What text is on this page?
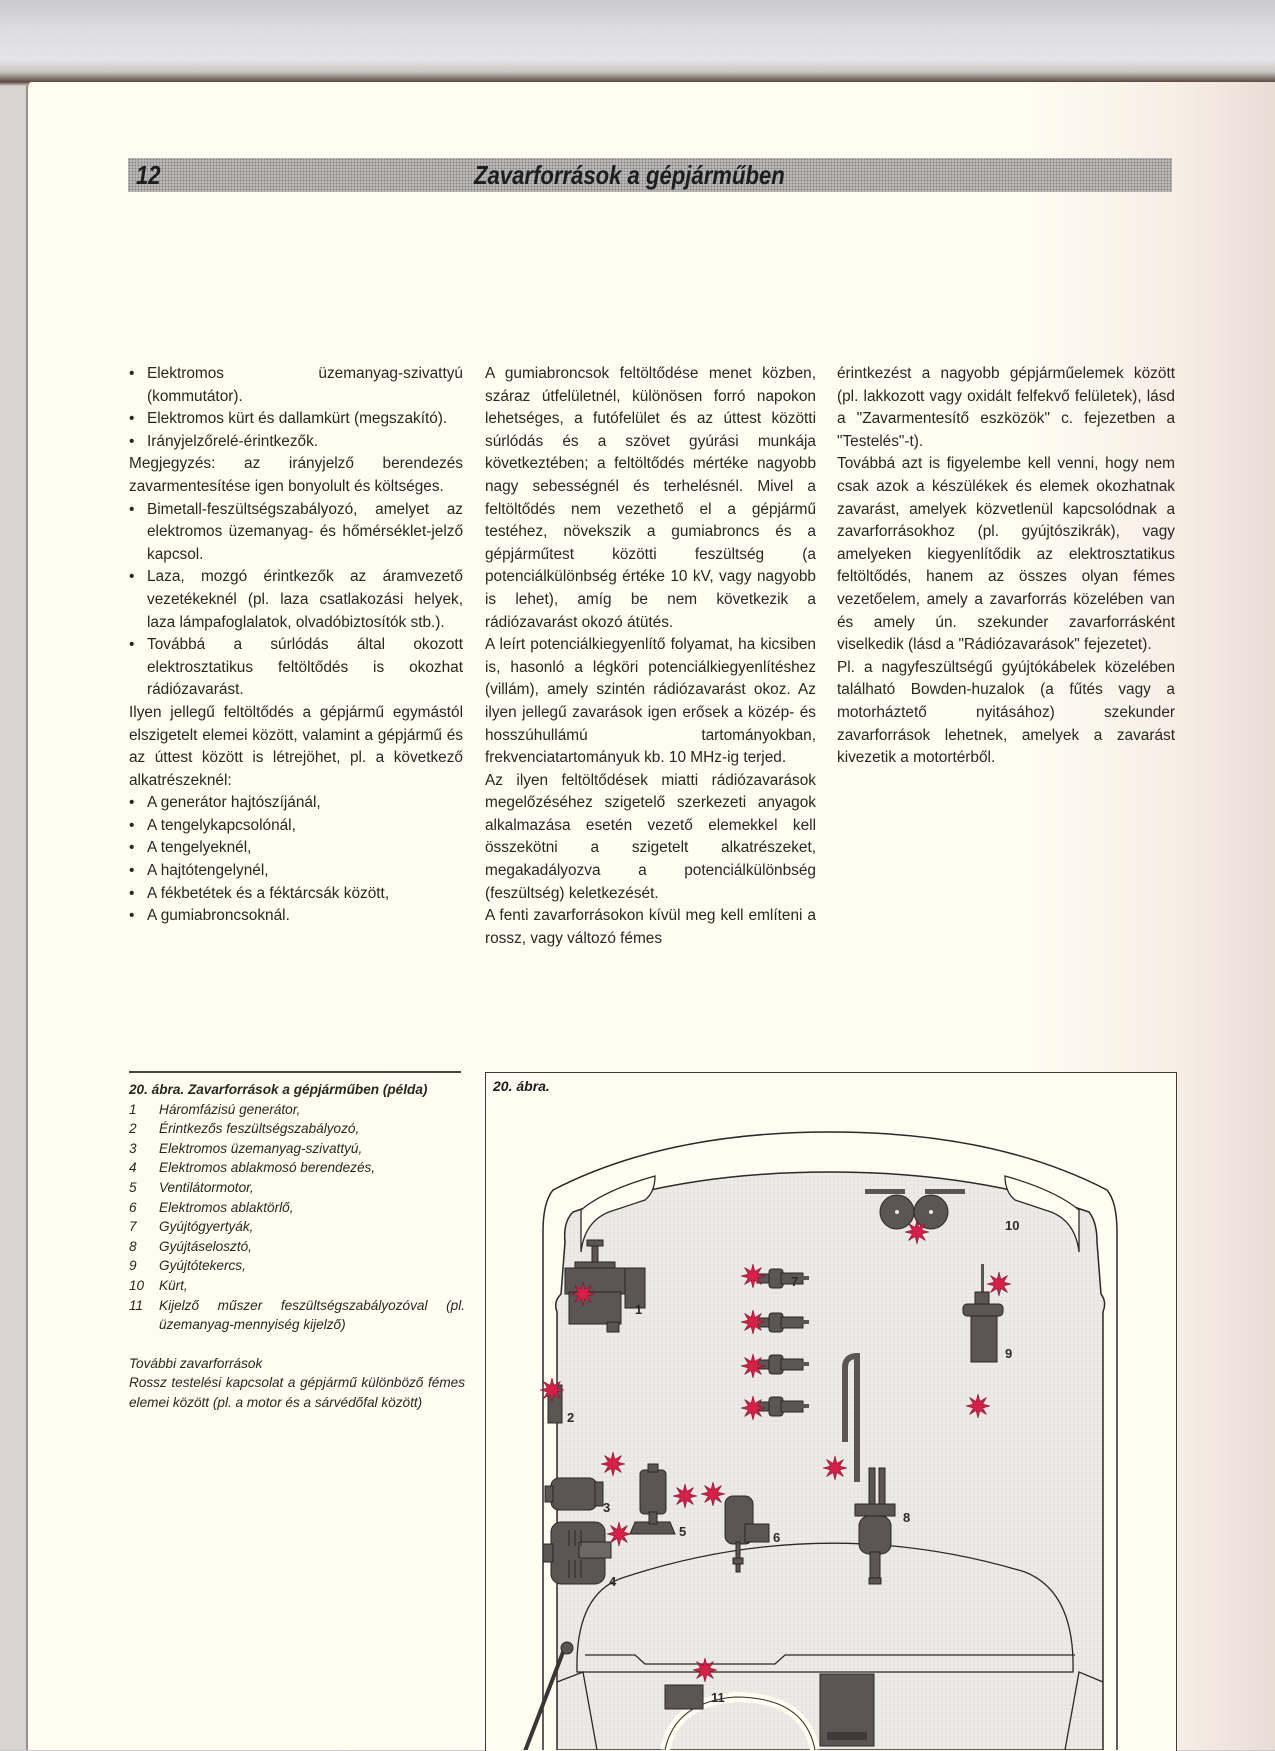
12	Zavarforrások a gépjárműben

• Elektromos üzemanyag-szivattyú (kommutátor).

• Elektromos kürt és dallamkürt (megszakító).

• Irányjelzőrelé-érintkezők.

Megjegyzés: az irányjelző berendezés zavarmentesítése igen bonyolult és költséges.

• Bimetall-feszültségszabályozó, amelyet az elektromos üzemanyag- és hőmérséklet-jelző kapcsol.

• Laza, mozgó érintkezők az áramvezető vezetékeknél (pl. laza csatlakozási helyek, laza lámpafoglalatok, olvadóbiztosítók stb.).

• Továbbá a súrlódás által okozott elektrosztatikus feltöltődés is okozhat rádiózavarást.

Ilyen jellegű feltöltődés a gépjármű egymástól elszigetelt elemei között, valamint a gépjármű és az úttest között is létrejöhet, pl. a következő alkatrészeknél:

• A generátor hajtószíjánál,

• A tengelykapcsolónál,

• A tengelyeknél,

• A hajtótengelynél,

• A fékbetétek és a féktárcsák között,

• A gumiabroncsoknál.

A gumiabroncsok feltöltődése menet közben, száraz útfelületnél, különösen forró napokon lehetséges, a futófelület és az úttest közötti súrlódás és a szövet gyúrási munkája következtében; a feltöltődés mértéke nagyobb nagy sebességnél és terhelésnél. Mivel a feltöltődés nem vezethető el a gépjármű testéhez, növekszik a gumiabroncs és a gépjárműtest közötti feszültség (a potenciálkülönbség értéke 10 kV, vagy nagyobb is lehet), amíg be nem következik a rádiózavarást okozó átütés.

A leírt potenciálkiegyenlítő folyamat, ha kicsiben is, hasonló a légköri potenciálkiegyenlítéshez (villám), amely szintén rádiózavarást okoz. Az ilyen jellegű zavarások igen erősek a közép- és hosszúhullámú tartományokban, frekvenciatartományuk kb. 10 MHz-ig terjed.

Az ilyen feltöltődések miatti rádiózavarások megelőzéséhez szigetelő szerkezeti anyagok alkalmazása esetén vezető elemekkel kell összekötni a szigetelt alkatrészeket, megakadályozva a potenciálkülönbség (feszültség) keletkezését.

A fenti zavarforrásokon kívül meg kell említeni a rossz, vagy változó fémes

érintkezést a nagyobb gépjárműelemek között (pl. lakkozott vagy oxidált felfekvő felületek), lásd a "Zavarmentesítő eszközök" c. fejezetben a "Testelés"-t).

Továbbá azt is figyelembe kell venni, hogy nem csak azok a készülékek és elemek okozhatnak zavarást, amelyek közvetlenül kapcsolódnak a zavarforrásokhoz (pl. gyújtószikrák), vagy amelyeken kiegyenlítődik az elektrosztatikus feltöltődés, hanem az összes olyan fémes vezetőelem, amely a zavarforrás közelében van és amely ún. szekunder zavarforrásként viselkedik (lásd a "Rádiózavarások" fejezetet).

Pl. a nagyfeszültségű gyújtókábelek közelében található Bowden-huzalok (a fűtés vagy a motorháztető nyitásához) szekunder zavarforrások lehetnek, amelyek a zavarást kivezetik a motortérből.

20. ábra. Zavarforrások a gépjárműben (példa)
1	Háromfázisú generátor,
2	Érintkezős feszültségszabályozó,
3	Elektromos üzemanyag-szivattyú,
4	Elektromos ablakmosó berendezés,
5	Ventilátormotor,
6	Elektromos ablaktörlő,
7	Gyújtógyertyák,
8	Gyújtáselosztó,
9	Gyújtótekercs,
10	Kürt,
11	Kijelző műszer feszültségszabályozóval (pl. üzemanyag-mennyiség kijelző)
További zavarforrások
Rossz testelési kapcsolat a gépjármű különböző fémes elemei között (pl. a motor és a sárvédőfal között)
20. ábra.
1
2
3
4
5	6
7
8
9
10
11
